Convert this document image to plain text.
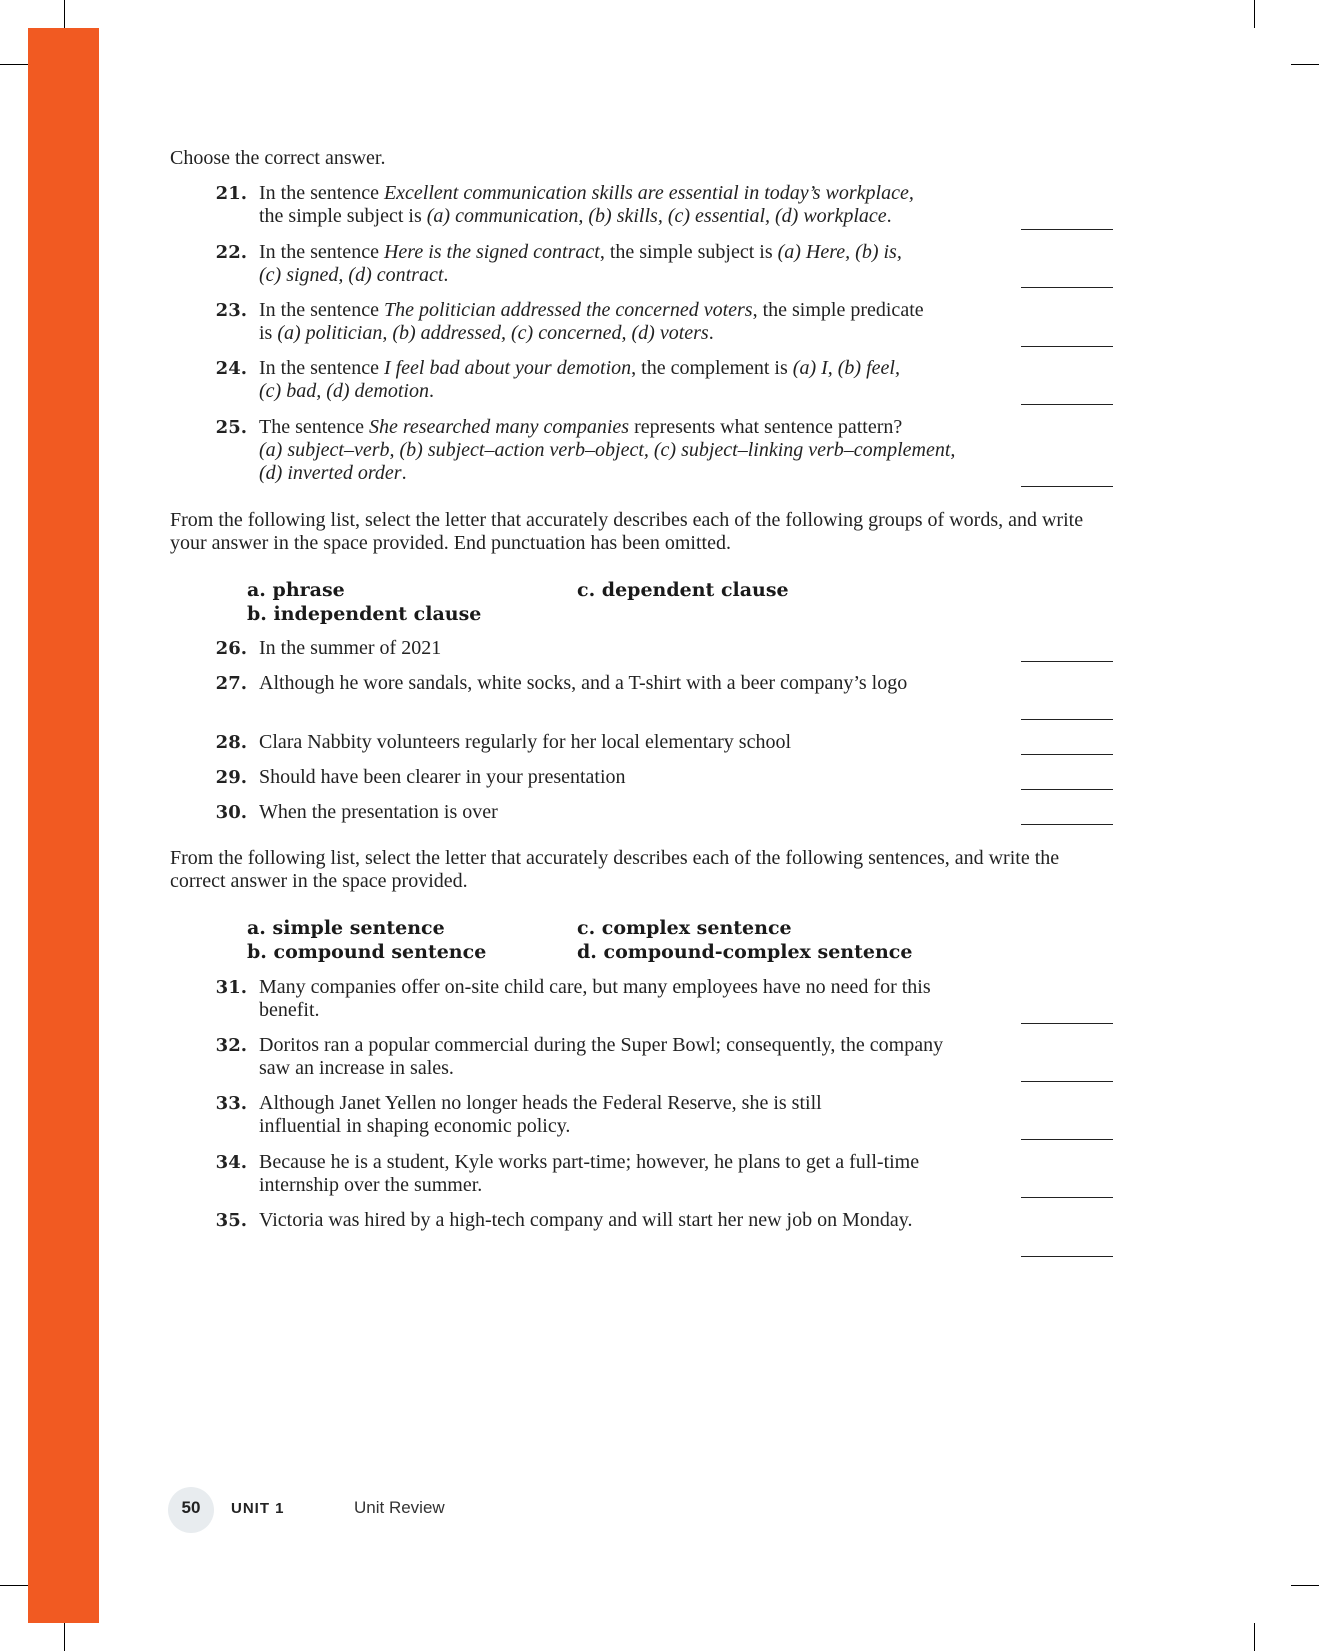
Choose the correct answer.
21. In the sentence Excellent communication skills are essential in today’s workplace,
the simple subject is (a) communication, (b) skills, (c) essential, (d) workplace.
22. In the sentence Here is the signed contract, the simple subject is (a) Here, (b) is,
(c) signed, (d) contract.
23. In the sentence The politician addressed the concerned voters, the simple predicate
is (a) politician, (b) addressed, (c) concerned, (d) voters.
24. In the sentence I feel bad about your demotion, the complement is (a) I, (b) feel,
(c) bad, (d) demotion.
25. The sentence She researched many companies represents what sentence pattern?
(a) subject–verb, (b) subject–action verb–object, (c) subject–linking verb–complement,
(d) inverted order.
From the following list, select the letter that accurately describes each of the following groups of words, and write your answer in the space provided. End punctuation has been omitted.
a. phrase	c. dependent clause
b. independent clause
26. In the summer of 2021
27. Although he wore sandals, white socks, and a T-shirt with a beer company’s logo
28. Clara Nabbity volunteers regularly for her local elementary school
29. Should have been clearer in your presentation
30. When the presentation is over
From the following list, select the letter that accurately describes each of the following sentences, and write the correct answer in the space provided.
a. simple sentence	c. complex sentence
b. compound sentence	d. compound-complex sentence
31. Many companies offer on-site child care, but many employees have no need for this benefit.
32. Doritos ran a popular commercial during the Super Bowl; consequently, the company saw an increase in sales.
33. Although Janet Yellen no longer heads the Federal Reserve, she is still influential in shaping economic policy.
34. Because he is a student, Kyle works part-time; however, he plans to get a full-time internship over the summer.
35. Victoria was hired by a high-tech company and will start her new job on Monday.
50	UNIT 1	Unit Review
